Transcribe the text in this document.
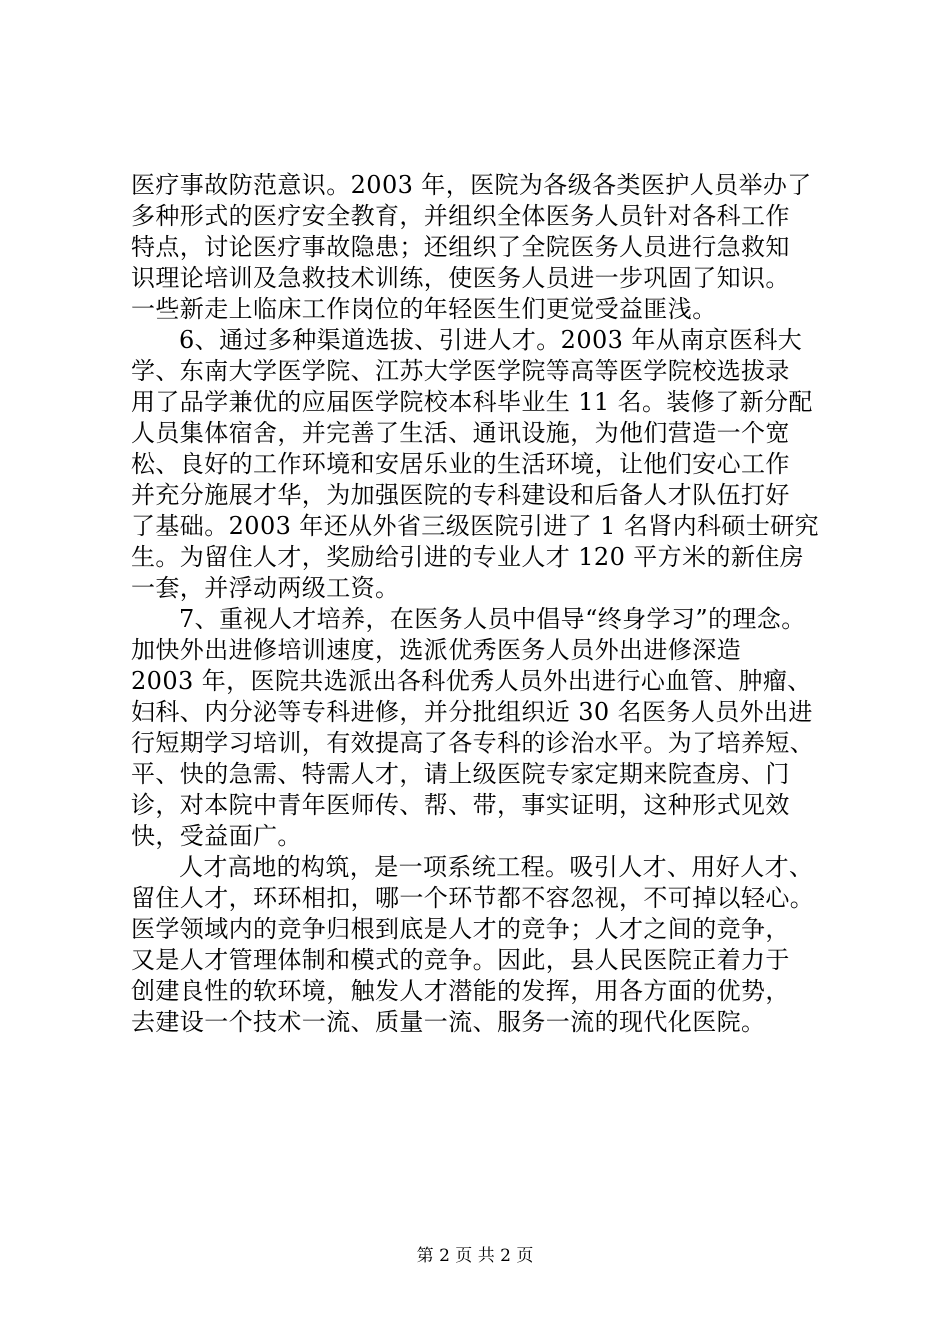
医疗事故防范意识。2003 年，医院为各级各类医护人员举办了
多种形式的医疗安全教育，并组织全体医务人员针对各科工作
特点，讨论医疗事故隐患；还组织了全院医务人员进行急救知
识理论培训及急救技术训练，使医务人员进一步巩固了知识。
一些新走上临床工作岗位的年轻医生们更觉受益匪浅。
6、通过多种渠道选拔、引进人才。2003 年从南京医科大
学、东南大学医学院、江苏大学医学院等高等医学院校选拔录
用了品学兼优的应届医学院校本科毕业生 11 名。装修了新分配
人员集体宿舍，并完善了生活、通讯设施，为他们营造一个宽
松、良好的工作环境和安居乐业的生活环境，让他们安心工作
并充分施展才华，为加强医院的专科建设和后备人才队伍打好
了基础。2003 年还从外省三级医院引进了 1 名肾内科硕士研究
生。为留住人才，奖励给引进的专业人才 120 平方米的新住房
一套，并浮动两级工资。
7、重视人才培养，在医务人员中倡导“终身学习”的理念。
加快外出进修培训速度，选派优秀医务人员外出进修深造
2003 年，医院共选派出各科优秀人员外出进行心血管、肿瘤、
妇科、内分泌等专科进修，并分批组织近 30 名医务人员外出进
行短期学习培训，有效提高了各专科的诊治水平。为了培养短、
平、快的急需、特需人才，请上级医院专家定期来院查房、门
诊，对本院中青年医师传、帮、带，事实证明，这种形式见效
快，受益面广。
人才高地的构筑，是一项系统工程。吸引人才、用好人才、
留住人才，环环相扣，哪一个环节都不容忽视，不可掉以轻心。
医学领域内的竞争归根到底是人才的竞争；人才之间的竞争，
又是人才管理体制和模式的竞争。因此，县人民医院正着力于
创建良性的软环境，触发人才潜能的发挥，用各方面的优势，
去建设一个技术一流、质量一流、服务一流的现代化医院。
第 2 页 共 2 页
